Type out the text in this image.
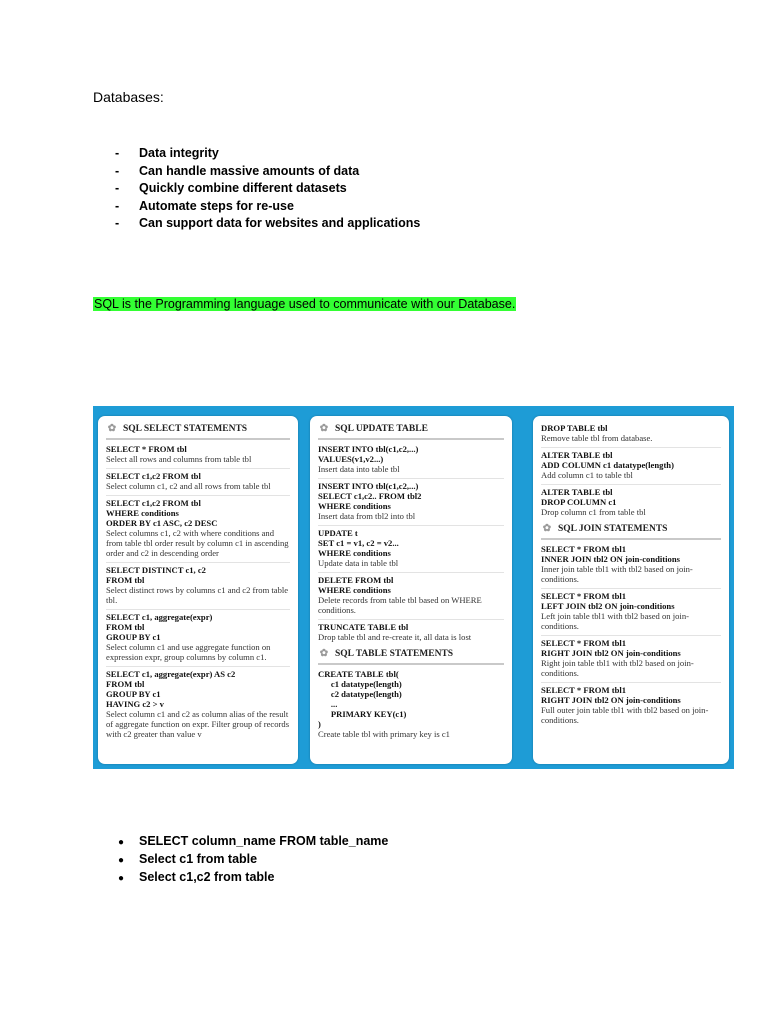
Databases:
- Data integrity
- Can handle massive amounts of data
- Quickly combine different datasets
- Automate steps for re-use
- Can support data for websites and applications
SQL is the Programming language used to communicate with our Database.
✿ SQL SELECT STATEMENTS
SELECT * FROM tbl
Select all rows and columns from table tbl
SELECT c1,c2 FROM tbl
Select column c1, c2 and all rows from table tbl
SELECT c1,c2 FROM tbl
WHERE conditions
ORDER BY c1 ASC, c2 DESC
Select columns c1, c2 with where conditions and from table tbl order result by column c1 in ascending order and c2 in descending order
SELECT DISTINCT c1, c2
FROM tbl
Select distinct rows by columns c1 and c2 from table tbl.
SELECT c1, aggregate(expr)
FROM tbl
GROUP BY c1
Select column c1 and use aggregate function on expression expr, group columns by column c1.
SELECT c1, aggregate(expr) AS c2
FROM tbl
GROUP BY c1
HAVING c2 > v
Select column c1 and c2 as column alias of the result of aggregate function on expr. Filter group of records with c2 greater than value v
✿ SQL UPDATE TABLE
INSERT INTO tbl(c1,c2,...)
VALUES(v1,v2...)
Insert data into table tbl
INSERT INTO tbl(c1,c2,...)
SELECT c1,c2.. FROM tbl2
WHERE conditions
Insert data from tbl2 into tbl
UPDATE t
SET c1 = v1, c2 = v2...
WHERE conditions
Update data in table tbl
DELETE FROM tbl
WHERE conditions
Delete records from table tbl based on WHERE conditions.
TRUNCATE TABLE tbl
Drop table tbl and re-create it, all data is lost
✿ SQL TABLE STATEMENTS
CREATE TABLE tbl(
c1 datatype(length)
c2 datatype(length)
...
PRIMARY KEY(c1)
)
Create table tbl with primary key is c1
DROP TABLE tbl
Remove table tbl from database.
ALTER TABLE tbl
ADD COLUMN c1 datatype(length)
Add column c1 to table tbl
ALTER TABLE tbl
DROP COLUMN c1
Drop column c1 from table tbl
✿ SQL JOIN STATEMENTS
SELECT * FROM tbl1
INNER JOIN tbl2 ON join-conditions
Inner join table tbl1 with tbl2 based on join-conditions.
SELECT * FROM tbl1
LEFT JOIN tbl2 ON join-conditions
Left join table tbl1 with tbl2 based on join-conditions.
SELECT * FROM tbl1
RIGHT JOIN tbl2 ON join-conditions
Right join table tbl1 with tbl2 based on join-conditions.
SELECT * FROM tbl1
RIGHT JOIN tbl2 ON join-conditions
Full outer join table tbl1 with tbl2 based on join-conditions.
● SELECT column_name FROM table_name
● Select c1 from table
● Select c1,c2 from table
